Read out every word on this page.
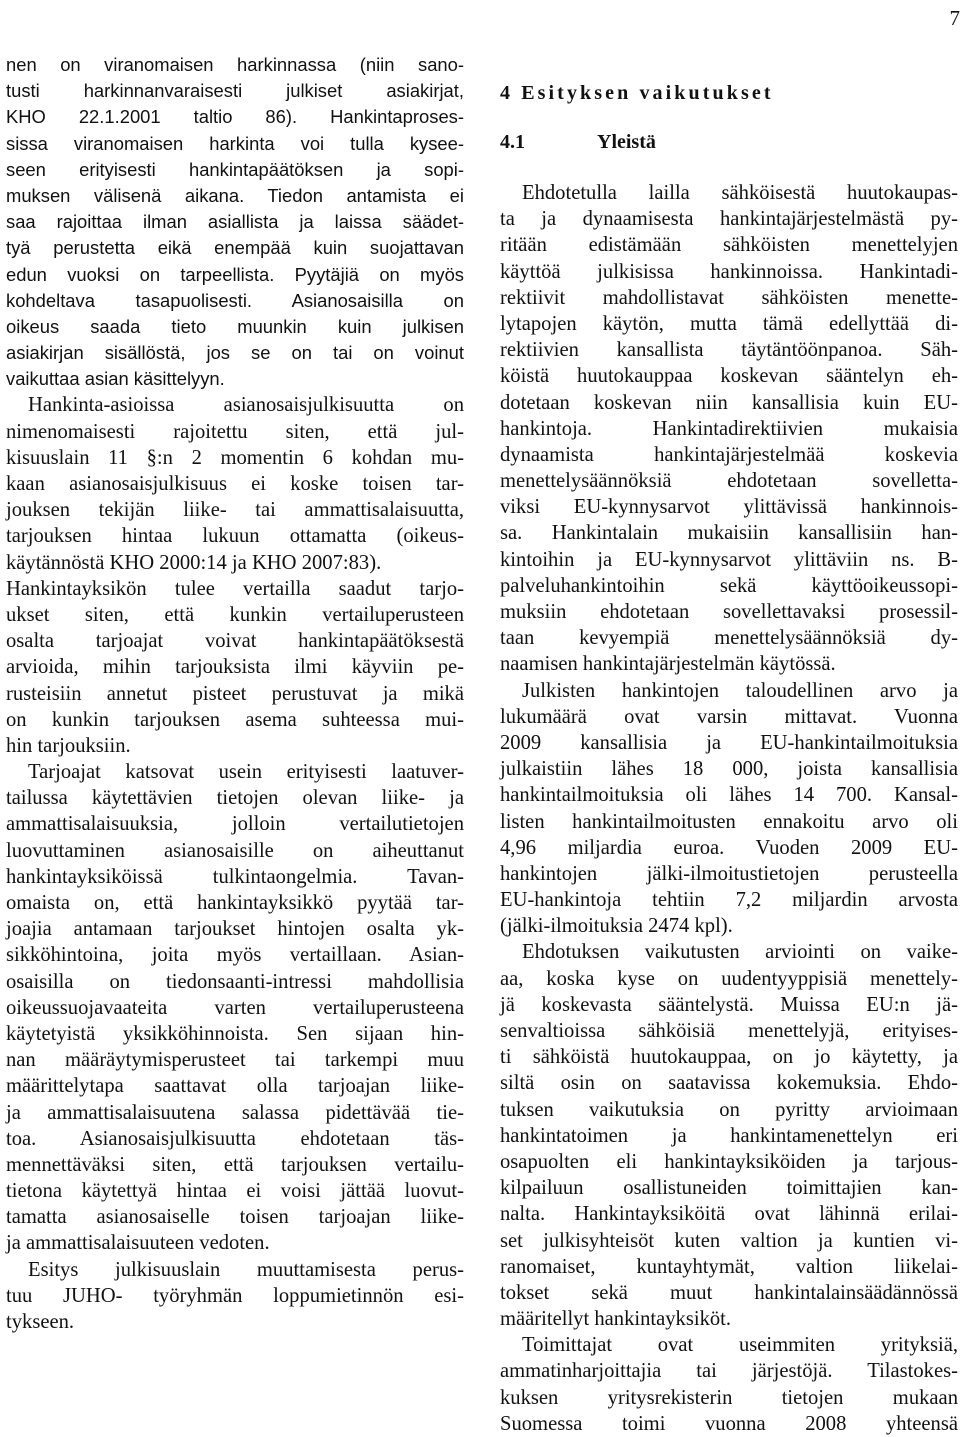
7
nen on viranomaisen harkinnassa (niin sano-
tusti harkinnanvaraisesti julkiset asiakirjat,
KHO 22.1.2001 taltio 86). Hankintaproses-
sissa viranomaisen harkinta voi tulla kysee-
seen erityisesti hankintapäätöksen ja sopi-
muksen välisenä aikana. Tiedon antamista ei
saa rajoittaa ilman asiallista ja laissa säädet-
tyä perustetta eikä enempää kuin suojattavan
edun vuoksi on tarpeellista. Pyytäjiä on myös
kohdeltava tasapuolisesti. Asianosaisilla on
oikeus saada tieto muunkin kuin julkisen
asiakirjan sisällöstä, jos se on tai on voinut
vaikuttaa asian käsittelyyn.
Hankinta-asioissa asianosaisjulkisuutta on
nimenomaisesti rajoitettu siten, että jul-
kisuuslain 11 §:n 2 momentin 6 kohdan mu-
kaan asianosaisjulkisuus ei koske toisen tar-
jouksen tekijän liike- tai ammattisalaisuutta,
tarjouksen hintaa lukuun ottamatta (oikeus-
käytännöstä KHO 2000:14 ja KHO 2007:83).
Hankintayksikön tulee vertailla saadut tarjo-
ukset siten, että kunkin vertailuperusteen
osalta tarjoajat voivat hankintapäätöksestä
arvioida, mihin tarjouksista ilmi käyviin pe-
rusteisiin annetut pisteet perustuvat ja mikä
on kunkin tarjouksen asema suhteessa mui-
hin tarjouksiin.
Tarjoajat katsovat usein erityisesti laatuver-
tailussa käytettävien tietojen olevan liike- ja
ammattisalaisuuksia, jolloin vertailutietojen
luovuttaminen asianosaisille on aiheuttanut
hankintayksiköissä tulkintaongelmia. Tavan-
omaista on, että hankintayksikkö pyytää tar-
joajia antamaan tarjoukset hintojen osalta yk-
sikköhintoina, joita myös vertaillaan. Asian-
osaisilla on tiedonsaanti-intressi mahdollisia
oikeussuojavaateita varten vertailuperusteena
käytetyistä yksikköhinnoista. Sen sijaan hin-
nan määräytymisperusteet tai tarkempi muu
määrittelytapa saattavat olla tarjoajan liike-
ja ammattisalaisuutena salassa pidettävää tie-
toa. Asianosaisjulkisuutta ehdotetaan täs-
mennettäväksi siten, että tarjouksen vertailu-
tietona käytettyä hintaa ei voisi jättää luovut-
tamatta asianosaiselle toisen tarjoajan liike-
ja ammattisalaisuuteen vedoten.
Esitys julkisuuslain muuttamisesta perus-
tuu JUHO- työryhmän loppumietinnön esi-
tykseen.
4 Esityksen vaikutukset
4.1	Yleistä
Ehdotetulla lailla sähköisestä huutokaupas-
ta ja dynaamisesta hankintajärjestelmästä py-
ritään edistämään sähköisten menettelyjen
käyttöä julkisissa hankinnoissa. Hankintadi-
rektiivit mahdollistavat sähköisten menette-
lytapojen käytön, mutta tämä edellyttää di-
rektiivien kansallista täytäntöönpanoa. Säh-
köistä huutokauppaa koskevan sääntelyn eh-
dotetaan koskevan niin kansallisia kuin EU-
hankintoja. Hankintadirektiivien mukaisia
dynaamista hankintajärjestelmää koskevia
menettelysäännöksiä ehdotetaan sovelletta-
viksi EU-kynnysarvot ylittävissä hankinnois-
sa. Hankintalain mukaisiin kansallisiin han-
kintoihin ja EU-kynnysarvot ylittäviin ns. B-
palveluhankintoihin sekä käyttöoikeussopi-
muksiin ehdotetaan sovellettavaksi prosessil-
taan kevyempiä menettelysäännöksiä dy-
naamisen hankintajärjestelmän käytössä.
Julkisten hankintojen taloudellinen arvo ja
lukumäärä ovat varsin mittavat. Vuonna
2009 kansallisia ja EU-hankintailmoituksia
julkaistiin lähes 18 000, joista kansallisia
hankintailmoituksia oli lähes 14 700. Kansal-
listen hankintailmoitusten ennakoitu arvo oli
4,96 miljardia euroa. Vuoden 2009 EU-
hankintojen jälki-ilmoitustietojen perusteella
EU-hankintoja tehtiin 7,2 miljardin arvosta
(jälki-ilmoituksia 2474 kpl).
Ehdotuksen vaikutusten arviointi on vaike-
aa, koska kyse on uudentyyppisiä menettely-
jä koskevasta sääntelystä. Muissa EU:n jä-
senvaltioissa sähköisiä menettelyjä, erityises-
ti sähköistä huutokauppaa, on jo käytetty, ja
siltä osin on saatavissa kokemuksia. Ehdo-
tuksen vaikutuksia on pyritty arvioimaan
hankintatoimen ja hankintamenettelyn eri
osapuolten eli hankintayksiköiden ja tarjous-
kilpailuun osallistuneiden toimittajien kan-
nalta. Hankintayksiköitä ovat lähinnä erilai-
set julkisyhteisöt kuten valtion ja kuntien vi-
ranomaiset, kuntayhtymät, valtion liikelai-
tokset sekä muut hankintalainsäädännössä
määritellyt hankintayksiköt.
Toimittajat ovat useimmiten yrityksiä,
ammatinharjoittajia tai järjestöjä. Tilastokes-
kuksen yritysrekisterin tietojen mukaan
Suomessa toimi vuonna 2008 yhteensä
